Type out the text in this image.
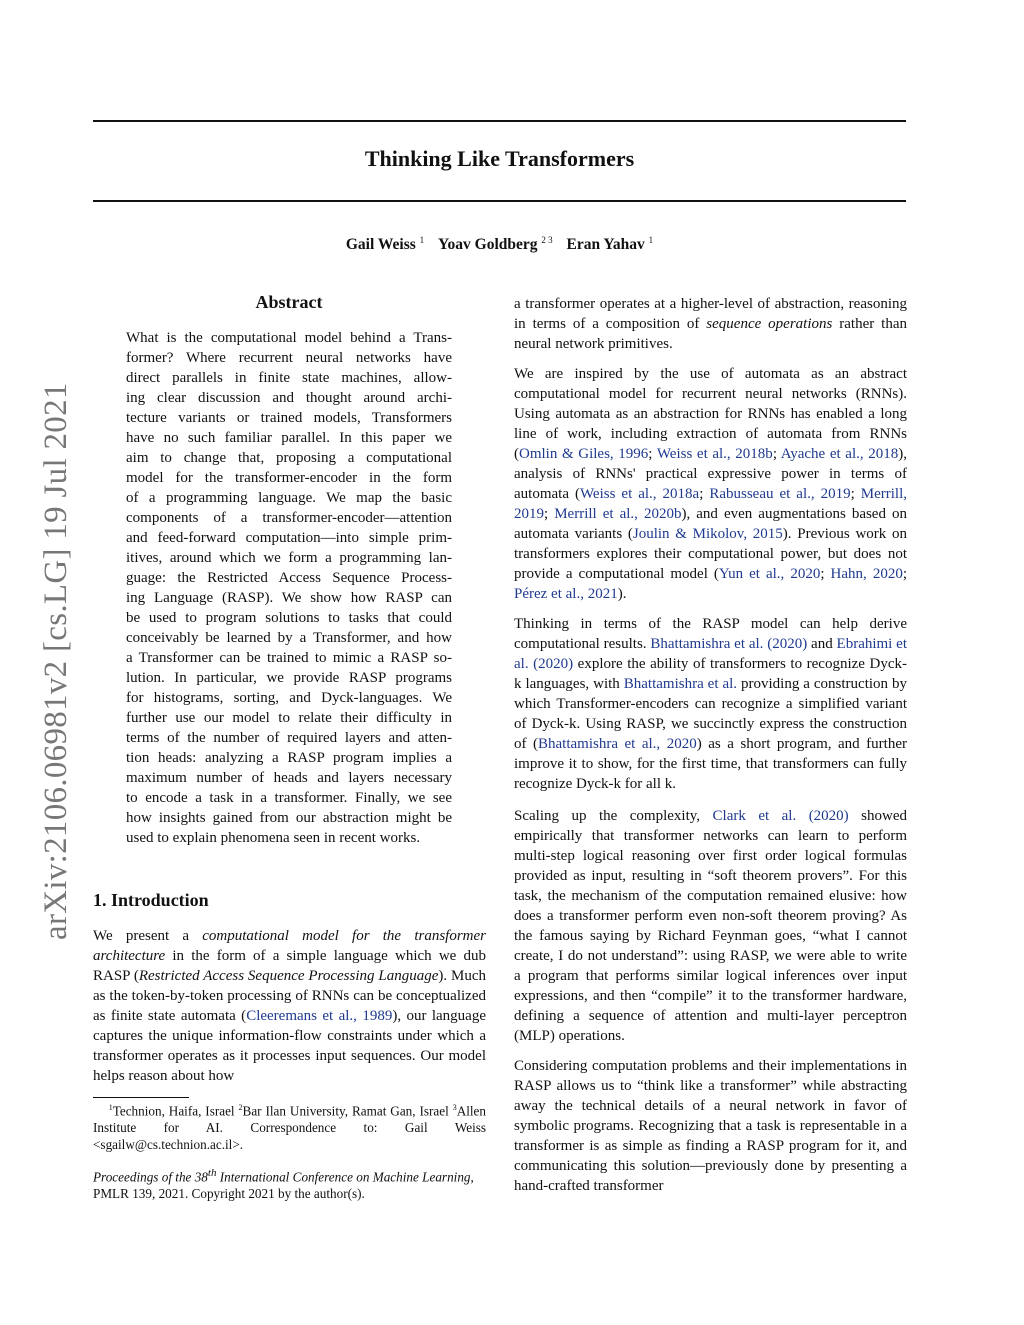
Thinking Like Transformers
Gail Weiss $^1$ Yoav Goldberg $^{2 3}$ Eran Yahav $^1$
arXiv:2106.06981v2 [cs.LG] 19 Jul 2021
Abstract
What is the computational model behind a Trans-
former? Where recurrent neural networks have
direct parallels in finite state machines, allow-
ing clear discussion and thought around archi-
tecture variants or trained models, Transformers
have no such familiar parallel. In this paper we
aim to change that, proposing a computational
model for the transformer-encoder in the form
of a programming language. We map the basic
components of a transformer-encoder—attention
and feed-forward computation—into simple prim-
itives, around which we form a programming lan-
guage: the Restricted Access Sequence Process-
ing Language (RASP). We show how RASP can
be used to program solutions to tasks that could
conceivably be learned by a Transformer, and how
a Transformer can be trained to mimic a RASP so-
lution. In particular, we provide RASP programs
for histograms, sorting, and Dyck-languages. We
further use our model to relate their difficulty in
terms of the number of required layers and atten-
tion heads: analyzing a RASP program implies a
maximum number of heads and layers necessary
to encode a task in a transformer. Finally, we see
how insights gained from our abstraction might be
used to explain phenomena seen in recent works.
1. Introduction
We present a computational model for the transformer architecture in the form of a simple language which we dub RASP (Restricted Access Sequence Processing Language). Much as the token-by-token processing of RNNs can be conceptualized as finite state automata (Cleeremans et al., 1989), our language captures the unique information-flow constraints under which a transformer operates as it processes input sequences. Our model helps reason about how
$^1$Technion, Haifa, Israel $^2$Bar Ilan University, Ramat Gan, Israel $^3$Allen Institute for AI. Correspondence to: Gail Weiss <sgailw@cs.technion.ac.il>.
Proceedings of the 38th International Conference on Machine Learning, PMLR 139, 2021. Copyright 2021 by the author(s).
a transformer operates at a higher-level of abstraction, reasoning in terms of a composition of sequence operations rather than neural network primitives.
We are inspired by the use of automata as an abstract computational model for recurrent neural networks (RNNs). Using automata as an abstraction for RNNs has enabled a long line of work, including extraction of automata from RNNs (Omlin & Giles, 1996; Weiss et al., 2018b; Ayache et al., 2018), analysis of RNNs' practical expressive power in terms of automata (Weiss et al., 2018a; Rabusseau et al., 2019; Merrill, 2019; Merrill et al., 2020b), and even augmentations based on automata variants (Joulin & Mikolov, 2015). Previous work on transformers explores their computational power, but does not provide a computational model (Yun et al., 2020; Hahn, 2020; Pérez et al., 2021).
Thinking in terms of the RASP model can help derive computational results. Bhattamishra et al. (2020) and Ebrahimi et al. (2020) explore the ability of transformers to recognize Dyck-k languages, with Bhattamishra et al. providing a construction by which Transformer-encoders can recognize a simplified variant of Dyck-k. Using RASP, we succinctly express the construction of (Bhattamishra et al., 2020) as a short program, and further improve it to show, for the first time, that transformers can fully recognize Dyck-k for all k.
Scaling up the complexity, Clark et al. (2020) showed empirically that transformer networks can learn to perform multi-step logical reasoning over first order logical formulas provided as input, resulting in “soft theorem provers”. For this task, the mechanism of the computation remained elusive: how does a transformer perform even non-soft theorem proving? As the famous saying by Richard Feynman goes, “what I cannot create, I do not understand”: using RASP, we were able to write a program that performs similar logical inferences over input expressions, and then “compile” it to the transformer hardware, defining a sequence of attention and multi-layer perceptron (MLP) operations.
Considering computation problems and their implementations in RASP allows us to “think like a transformer” while abstracting away the technical details of a neural network in favor of symbolic programs. Recognizing that a task is representable in a transformer is as simple as finding a RASP program for it, and communicating this solution—previously done by presenting a hand-crafted transformer
